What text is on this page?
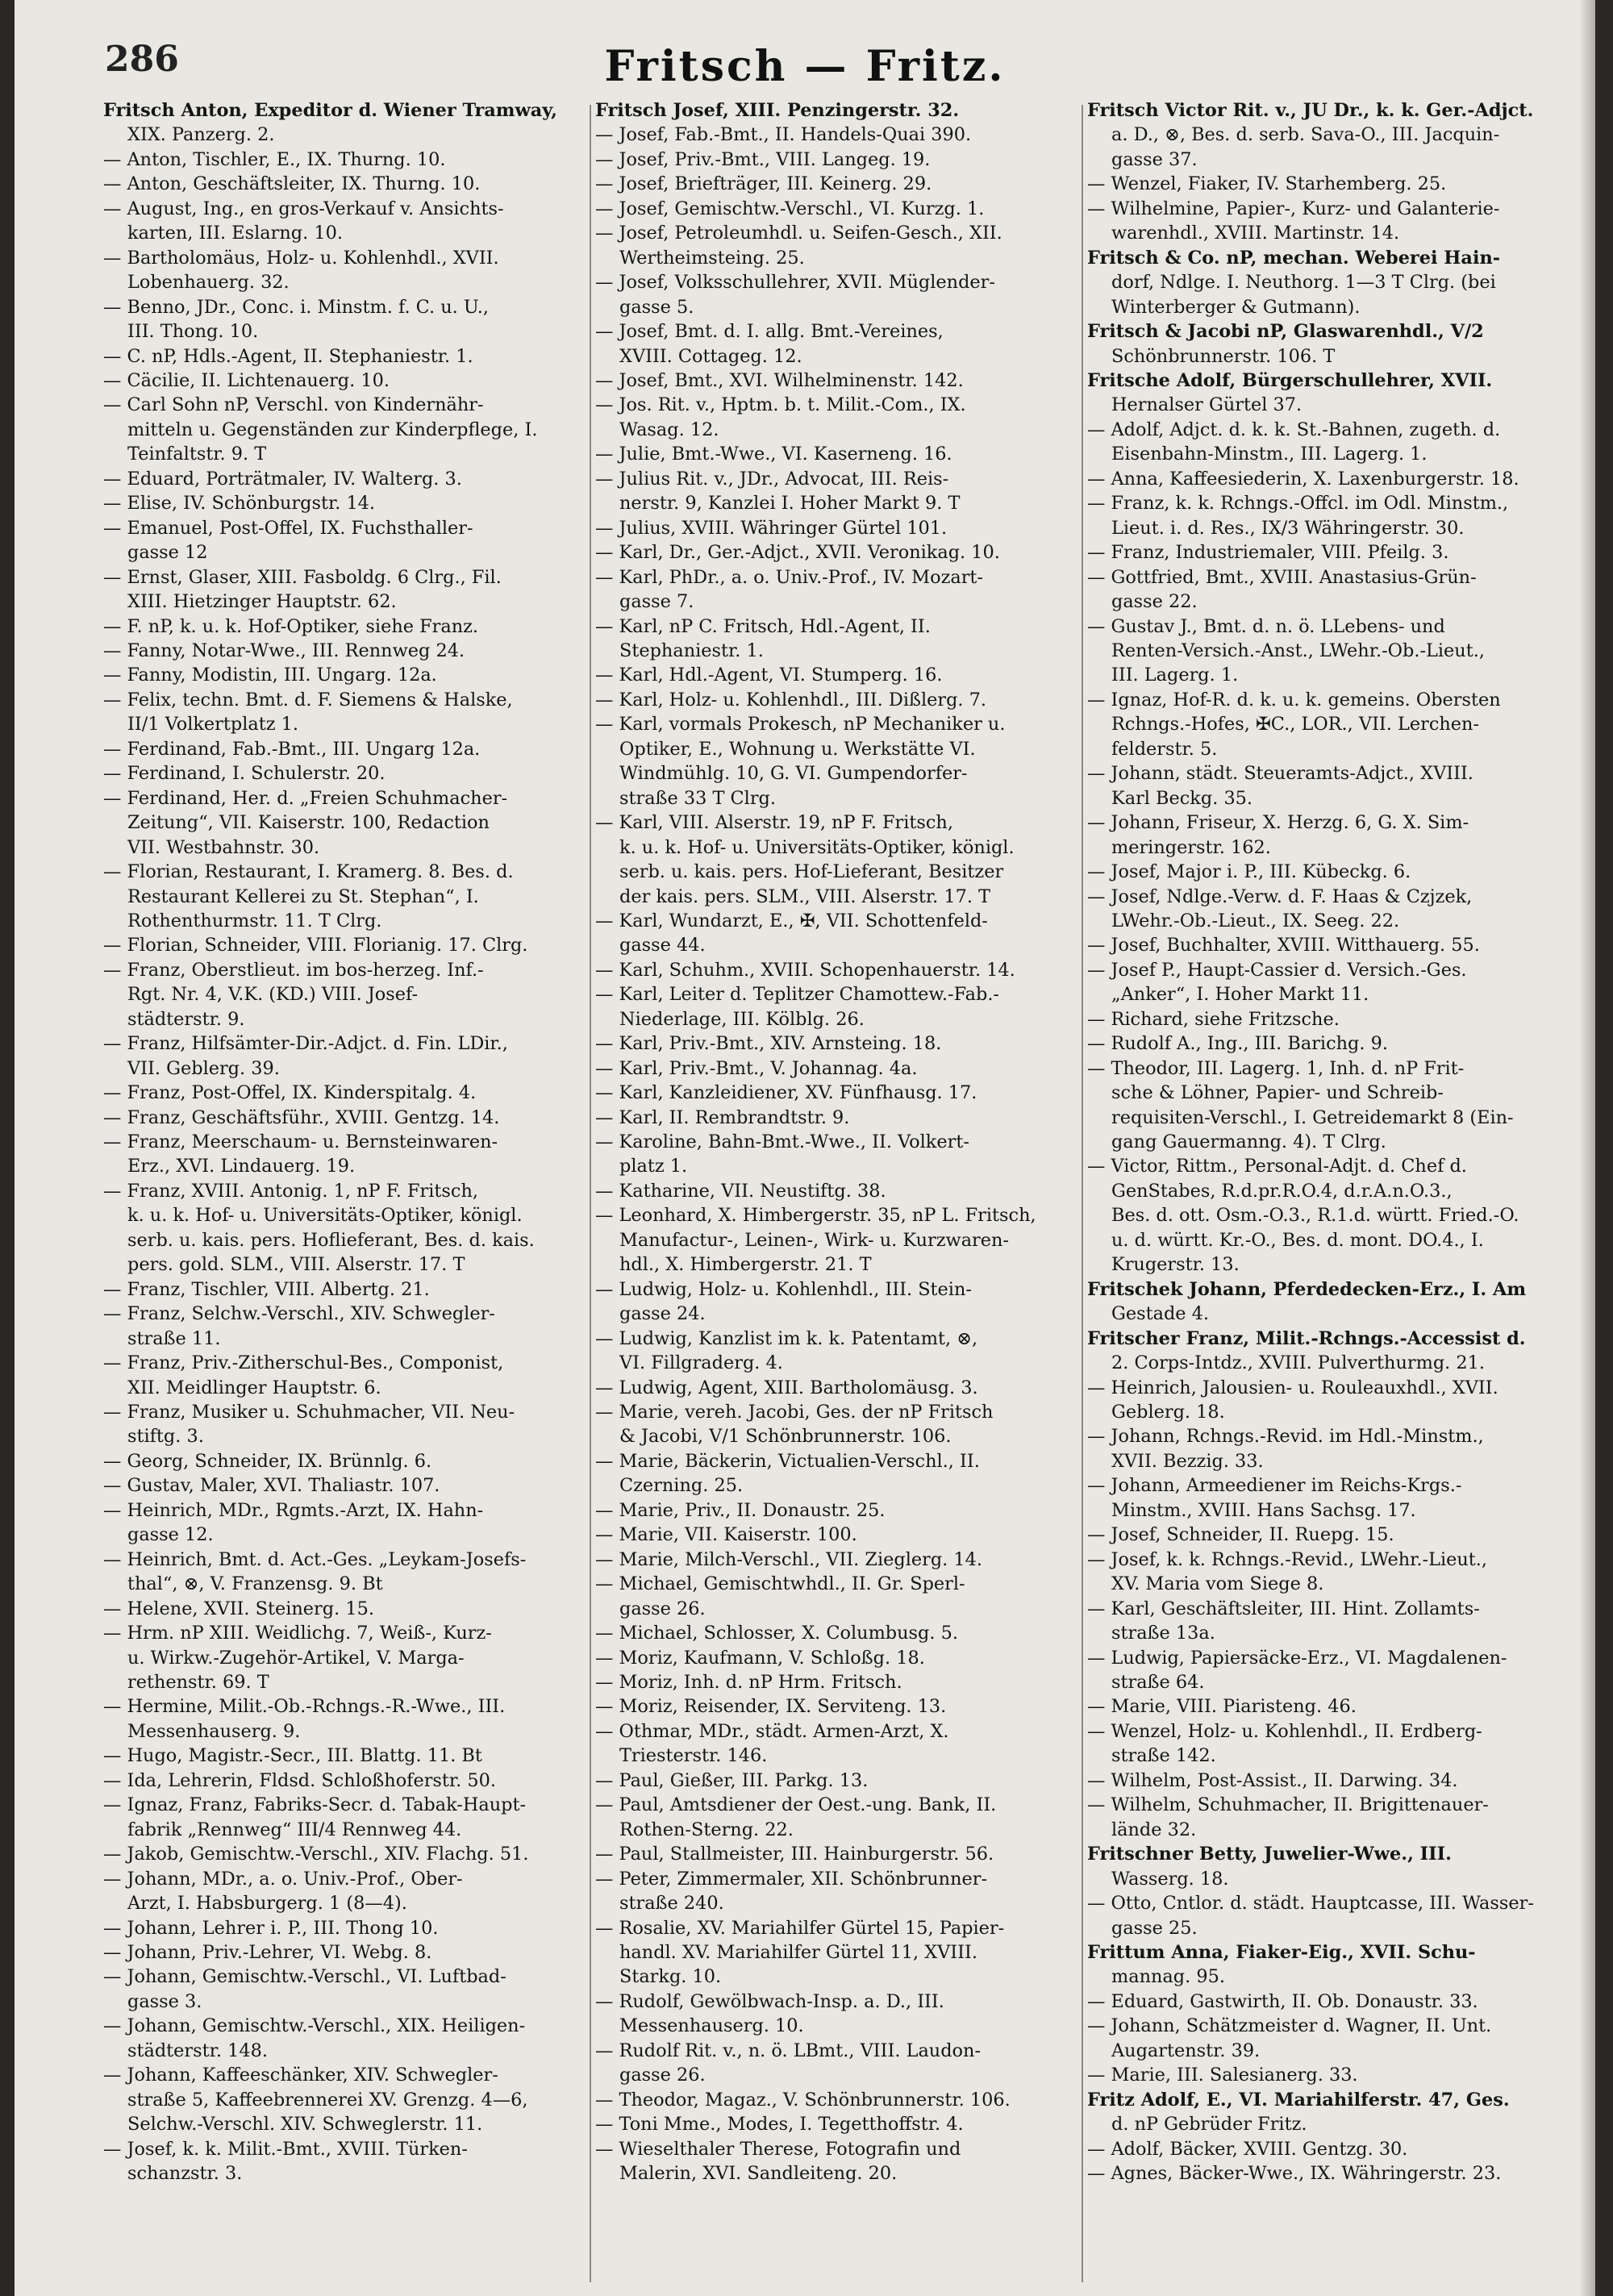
286	Fritsch — Fritz.
Fritsch Anton, Expeditor d. Wiener Tramway,
XIX. Panzerg. 2.
— Anton, Tischler, E., IX. Thurng. 10.
— Anton, Geschäftsleiter, IX. Thurng. 10.
— August, Ing., en gros-Verkauf v. Ansichts-
karten, III. Eslarng. 10.
— Bartholomäus, Holz- u. Kohlenhdl., XVII.
Lobenhauerg. 32.
— Benno, JDr., Conc. i. Minstm. f. C. u. U.,
III. Thong. 10.
— C. nP, Hdls.-Agent, II. Stephaniestr. 1.
— Cäcilie, II. Lichtenauerg. 10.
— Carl Sohn nP, Verschl. von Kindernähr-
mitteln u. Gegenständen zur Kinderpflege, I.
Teinfaltstr. 9. T
— Eduard, Porträtmaler, IV. Walterg. 3.
— Elise, IV. Schönburgstr. 14.
— Emanuel, Post-Offel, IX. Fuchsthaller-
gasse 12
— Ernst, Glaser, XIII. Fasboldg. 6 Clrg., Fil.
XIII. Hietzinger Hauptstr. 62.
— F. nP, k. u. k. Hof-Optiker, siehe Franz.
— Fanny, Notar-Wwe., III. Rennweg 24.
— Fanny, Modistin, III. Ungarg. 12a.
— Felix, techn. Bmt. d. F. Siemens & Halske,
II/1 Volkertplatz 1.
— Ferdinand, Fab.-Bmt., III. Ungarg 12a.
— Ferdinand, I. Schulerstr. 20.
— Ferdinand, Her. d. „Freien Schuhmacher-
Zeitung“, VII. Kaiserstr. 100, Redaction
VII. Westbahnstr. 30.
— Florian, Restaurant, I. Kramerg. 8. Bes. d.
Restaurant Kellerei zu St. Stephan“, I.
Rothenthurmstr. 11. T Clrg.
— Florian, Schneider, VIII. Florianig. 17. Clrg.
— Franz, Oberstlieut. im bos-herzeg. Inf.-
Rgt. Nr. 4, V.K. (KD.) VIII. Josef-
städterstr. 9.
— Franz, Hilfsämter-Dir.-Adjct. d. Fin. LDir.,
VII. Geblerg. 39.
— Franz, Post-Offel, IX. Kinderspitalg. 4.
— Franz, Geschäftsführ., XVIII. Gentzg. 14.
— Franz, Meerschaum- u. Bernsteinwaren-
Erz., XVI. Lindauerg. 19.
— Franz, XVIII. Antonig. 1, nP F. Fritsch,
k. u. k. Hof- u. Universitäts-Optiker, königl.
serb. u. kais. pers. Hoflieferant, Bes. d. kais.
pers. gold. SLM., VIII. Alserstr. 17. T
— Franz, Tischler, VIII. Albertg. 21.
— Franz, Selchw.-Verschl., XIV. Schwegler-
straße 11.
— Franz, Priv.-Zitherschul-Bes., Componist,
XII. Meidlinger Hauptstr. 6.
— Franz, Musiker u. Schuhmacher, VII. Neu-
stiftg. 3.
— Georg, Schneider, IX. Brünnlg. 6.
— Gustav, Maler, XVI. Thaliastr. 107.
— Heinrich, MDr., Rgmts.-Arzt, IX. Hahn-
gasse 12.
— Heinrich, Bmt. d. Act.-Ges. „Leykam-Josefs-
thal“, ⊗, V. Franzensg. 9. Bt
— Helene, XVII. Steinerg. 15.
— Hrm. nP XIII. Weidlichg. 7, Weiß-, Kurz-
u. Wirkw.-Zugehör-Artikel, V. Marga-
rethenstr. 69. T
— Hermine, Milit.-Ob.-Rchngs.-R.-Wwe., III.
Messenhauserg. 9.
— Hugo, Magistr.-Secr., III. Blattg. 11. Bt
— Ida, Lehrerin, Fldsd. Schloßhoferstr. 50.
— Ignaz, Franz, Fabriks-Secr. d. Tabak-Haupt-
fabrik „Rennweg“ III/4 Rennweg 44.
— Jakob, Gemischtw.-Verschl., XIV. Flachg. 51.
— Johann, MDr., a. o. Univ.-Prof., Ober-
Arzt, I. Habsburgerg. 1 (8—4).
— Johann, Lehrer i. P., III. Thong 10.
— Johann, Priv.-Lehrer, VI. Webg. 8.
— Johann, Gemischtw.-Verschl., VI. Luftbad-
gasse 3.
— Johann, Gemischtw.-Verschl., XIX. Heiligen-
städterstr. 148.
— Johann, Kaffeeschänker, XIV. Schwegler-
straße 5, Kaffeebrennerei XV. Grenzg. 4—6,
Selchw.-Verschl. XIV. Schweglerstr. 11.
— Josef, k. k. Milit.-Bmt., XVIII. Türken-
schanzstr. 3.
Fritsch Josef, XIII. Penzingerstr. 32.
— Josef, Fab.-Bmt., II. Handels-Quai 390.
— Josef, Priv.-Bmt., VIII. Langeg. 19.
— Josef, Briefträger, III. Keinerg. 29.
— Josef, Gemischtw.-Verschl., VI. Kurzg. 1.
— Josef, Petroleumhdl. u. Seifen-Gesch., XII.
Wertheimsteing. 25.
— Josef, Volksschullehrer, XVII. Müglender-
gasse 5.
— Josef, Bmt. d. I. allg. Bmt.-Vereines,
XVIII. Cottageg. 12.
— Josef, Bmt., XVI. Wilhelminenstr. 142.
— Jos. Rit. v., Hptm. b. t. Milit.-Com., IX.
Wasag. 12.
— Julie, Bmt.-Wwe., VI. Kaserneng. 16.
— Julius Rit. v., JDr., Advocat, III. Reis-
nerstr. 9, Kanzlei I. Hoher Markt 9. T
— Julius, XVIII. Währinger Gürtel 101.
— Karl, Dr., Ger.-Adjct., XVII. Veronikag. 10.
— Karl, PhDr., a. o. Univ.-Prof., IV. Mozart-
gasse 7.
— Karl, nP C. Fritsch, Hdl.-Agent, II.
Stephaniestr. 1.
— Karl, Hdl.-Agent, VI. Stumperg. 16.
— Karl, Holz- u. Kohlenhdl., III. Dißlerg. 7.
— Karl, vormals Prokesch, nP Mechaniker u.
Optiker, E., Wohnung u. Werkstätte VI.
Windmühlg. 10, G. VI. Gumpendorfer-
straße 33 T Clrg.
— Karl, VIII. Alserstr. 19, nP F. Fritsch,
k. u. k. Hof- u. Universitäts-Optiker, königl.
serb. u. kais. pers. Hof-Lieferant, Besitzer
der kais. pers. SLM., VIII. Alserstr. 17. T
— Karl, Wundarzt, E., ✠, VII. Schottenfeld-
gasse 44.
— Karl, Schuhm., XVIII. Schopenhauerstr. 14.
— Karl, Leiter d. Teplitzer Chamottew.-Fab.-
Niederlage, III. Kölblg. 26.
— Karl, Priv.-Bmt., XIV. Arnsteing. 18.
— Karl, Priv.-Bmt., V. Johannag. 4a.
— Karl, Kanzleidiener, XV. Fünfhausg. 17.
— Karl, II. Rembrandtstr. 9.
— Karoline, Bahn-Bmt.-Wwe., II. Volkert-
platz 1.
— Katharine, VII. Neustiftg. 38.
— Leonhard, X. Himbergerstr. 35, nP L. Fritsch,
Manufactur-, Leinen-, Wirk- u. Kurzwaren-
hdl., X. Himbergerstr. 21. T
— Ludwig, Holz- u. Kohlenhdl., III. Stein-
gasse 24.
— Ludwig, Kanzlist im k. k. Patentamt, ⊗,
VI. Fillgraderg. 4.
— Ludwig, Agent, XIII. Bartholomäusg. 3.
— Marie, vereh. Jacobi, Ges. der nP Fritsch
& Jacobi, V/1 Schönbrunnerstr. 106.
— Marie, Bäckerin, Victualien-Verschl., II.
Czerning. 25.
— Marie, Priv., II. Donaustr. 25.
— Marie, VII. Kaiserstr. 100.
— Marie, Milch-Verschl., VII. Zieglerg. 14.
— Michael, Gemischtwhdl., II. Gr. Sperl-
gasse 26.
— Michael, Schlosser, X. Columbusg. 5.
— Moriz, Kaufmann, V. Schloßg. 18.
— Moriz, Inh. d. nP Hrm. Fritsch.
— Moriz, Reisender, IX. Serviteng. 13.
— Othmar, MDr., städt. Armen-Arzt, X.
Triesterstr. 146.
— Paul, Gießer, III. Parkg. 13.
— Paul, Amtsdiener der Oest.-ung. Bank, II.
Rothen-Sterng. 22.
— Paul, Stallmeister, III. Hainburgerstr. 56.
— Peter, Zimmermaler, XII. Schönbrunner-
straße 240.
— Rosalie, XV. Mariahilfer Gürtel 15, Papier-
handl. XV. Mariahilfer Gürtel 11, XVIII.
Starkg. 10.
— Rudolf, Gewölbwach-Insp. a. D., III.
Messenhauserg. 10.
— Rudolf Rit. v., n. ö. LBmt., VIII. Laudon-
gasse 26.
— Theodor, Magaz., V. Schönbrunnerstr. 106.
— Toni Mme., Modes, I. Tegetthoffstr. 4.
— Wieselthaler Therese, Fotografin und
Malerin, XVI. Sandleiteng. 20.
Fritsch Victor Rit. v., JU Dr., k. k. Ger.-Adjct.
a. D., ⊗, Bes. d. serb. Sava-O., III. Jacquin-
gasse 37.
— Wenzel, Fiaker, IV. Starhemberg. 25.
— Wilhelmine, Papier-, Kurz- und Galanterie-
warenhdl., XVIII. Martinstr. 14.
Fritsch & Co. nP, mechan. Weberei Hain-
dorf, Ndlge. I. Neuthorg. 1—3 T Clrg. (bei
Winterberger & Gutmann).
Fritsch & Jacobi nP, Glaswarenhdl., V/2
Schönbrunnerstr. 106. T
Fritsche Adolf, Bürgerschullehrer, XVII.
Hernalser Gürtel 37.
— Adolf, Adjct. d. k. k. St.-Bahnen, zugeth. d.
Eisenbahn-Minstm., III. Lagerg. 1.
— Anna, Kaffeesiederin, X. Laxenburgerstr. 18.
— Franz, k. k. Rchngs.-Offcl. im Odl. Minstm.,
Lieut. i. d. Res., IX/3 Währingerstr. 30.
— Franz, Industriemaler, VIII. Pfeilg. 3.
— Gottfried, Bmt., XVIII. Anastasius-Grün-
gasse 22.
— Gustav J., Bmt. d. n. ö. LLebens- und
Renten-Versich.-Anst., LWehr.-Ob.-Lieut.,
III. Lagerg. 1.
— Ignaz, Hof-R. d. k. u. k. gemeins. Obersten
Rchngs.-Hofes, ✠C., LOR., VII. Lerchen-
felderstr. 5.
— Johann, städt. Steueramts-Adjct., XVIII.
Karl Beckg. 35.
— Johann, Friseur, X. Herzg. 6, G. X. Sim-
meringerstr. 162.
— Josef, Major i. P., III. Kübeckg. 6.
— Josef, Ndlge.-Verw. d. F. Haas & Czjzek,
LWehr.-Ob.-Lieut., IX. Seeg. 22.
— Josef, Buchhalter, XVIII. Witthauerg. 55.
— Josef P., Haupt-Cassier d. Versich.-Ges.
„Anker“, I. Hoher Markt 11.
— Richard, siehe Fritzsche.
— Rudolf A., Ing., III. Barichg. 9.
— Theodor, III. Lagerg. 1, Inh. d. nP Frit-
sche & Löhner, Papier- und Schreib-
requisiten-Verschl., I. Getreidemarkt 8 (Ein-
gang Gauermanng. 4). T Clrg.
— Victor, Rittm., Personal-Adjt. d. Chef d.
GenStabes, R.d.pr.R.O.4, d.r.A.n.O.3.,
Bes. d. ott. Osm.-O.3., R.1.d. württ. Fried.-O.
u. d. württ. Kr.-O., Bes. d. mont. DO.4., I.
Krugerstr. 13.
Fritschek Johann, Pferdedecken-Erz., I. Am
Gestade 4.
Fritscher Franz, Milit.-Rchngs.-Accessist d.
2. Corps-Intdz., XVIII. Pulverthurmg. 21.
— Heinrich, Jalousien- u. Rouleauxhdl., XVII.
Geblerg. 18.
— Johann, Rchngs.-Revid. im Hdl.-Minstm.,
XVII. Bezzig. 33.
— Johann, Armeediener im Reichs-Krgs.-
Minstm., XVIII. Hans Sachsg. 17.
— Josef, Schneider, II. Ruepg. 15.
— Josef, k. k. Rchngs.-Revid., LWehr.-Lieut.,
XV. Maria vom Siege 8.
— Karl, Geschäftsleiter, III. Hint. Zollamts-
straße 13a.
— Ludwig, Papiersäcke-Erz., VI. Magdalenen-
straße 64.
— Marie, VIII. Piaristeng. 46.
— Wenzel, Holz- u. Kohlenhdl., II. Erdberg-
straße 142.
— Wilhelm, Post-Assist., II. Darwing. 34.
— Wilhelm, Schuhmacher, II. Brigittenauer-
lände 32.
Fritschner Betty, Juwelier-Wwe., III.
Wasserg. 18.
— Otto, Cntlor. d. städt. Hauptcasse, III. Wasser-
gasse 25.
Frittum Anna, Fiaker-Eig., XVII. Schu-
mannag. 95.
— Eduard, Gastwirth, II. Ob. Donaustr. 33.
— Johann, Schätzmeister d. Wagner, II. Unt.
Augartenstr. 39.
— Marie, III. Salesianerg. 33.
Fritz Adolf, E., VI. Mariahilferstr. 47, Ges.
d. nP Gebrüder Fritz.
— Adolf, Bäcker, XVIII. Gentzg. 30.
— Agnes, Bäcker-Wwe., IX. Währingerstr. 23.
